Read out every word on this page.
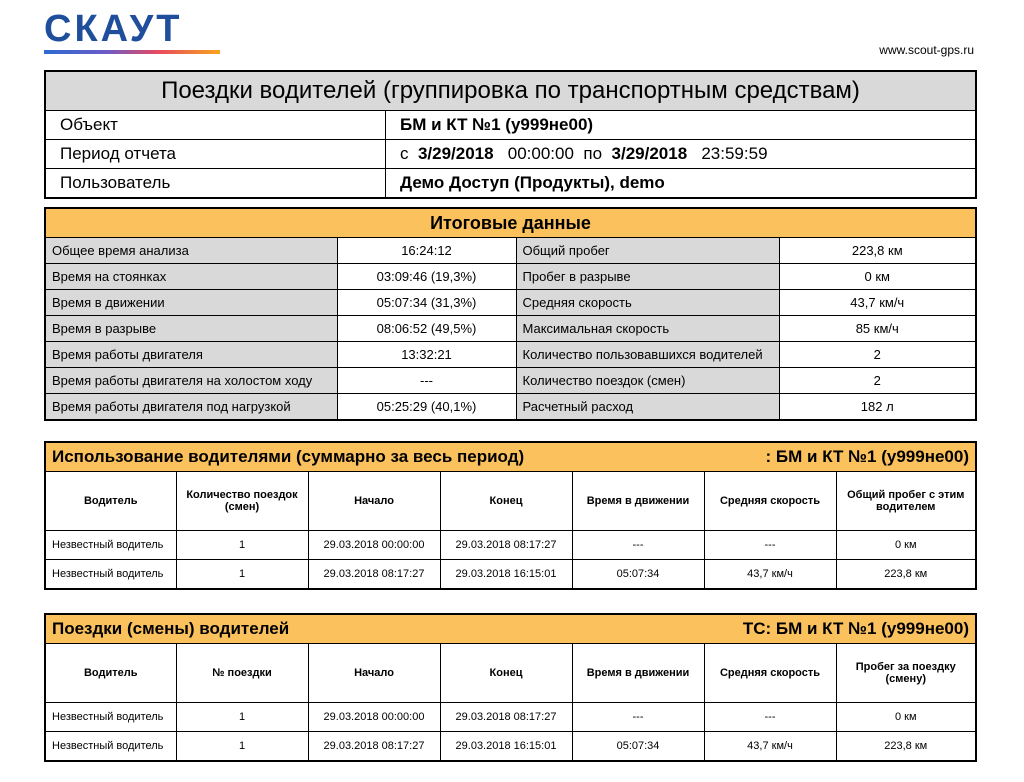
СКАУТ	www.scout-gps.ru
Поездки водителей (группировка по транспортным средствам)	
Объект	БМ и КТ №1 (у999не00)
Период отчета	с 3/29/2018 00:00:00 по 3/29/2018 23:59:59
Пользователь	Демо Доступ (Продукты), demo
Итоговые данные			
Общее время анализа	16:24:12	Общий пробег	223,8 км
Время на стоянках	03:09:46 (19,3%)	Пробег в разрыве	0 км
Время в движении	05:07:34 (31,3%)	Средняя скорость	43,7 км/ч
Время в разрыве	08:06:52 (49,5%)	Максимальная скорость	85 км/ч
Время работы двигателя	13:32:21	Количество пользовавшихся водителей	2
Время работы двигателя на холостом ходу	---	Количество поездок (смен)	2
Время работы двигателя под нагрузкой	05:25:29 (40,1%)	Расчетный расход	182 л
Использование водителями (суммарно за весь период) : БМ и КТ №1 (у999не00)						

Водитель	Количество поездок (смен)	Начало	Конец	Время в движении	Средняя скорость	Общий пробег с этим водителем
Незвестный водитель	1	29.03.2018 00:00:00	29.03.2018 08:17:27	---	---	0 км
Незвестный водитель	1	29.03.2018 08:17:27	29.03.2018 16:15:01	05:07:34	43,7 км/ч	223,8 км
Поездки (смены) водителей ТС: БМ и КТ №1 (у999не00)						

Водитель	№ поездки	Начало	Конец	Время в движении	Средняя скорость	Пробег за поездку (смену)
Незвестный водитель	1	29.03.2018 00:00:00	29.03.2018 08:17:27	---	---	0 км
Незвестный водитель	1	29.03.2018 08:17:27	29.03.2018 16:15:01	05:07:34	43,7 км/ч	223,8 км
